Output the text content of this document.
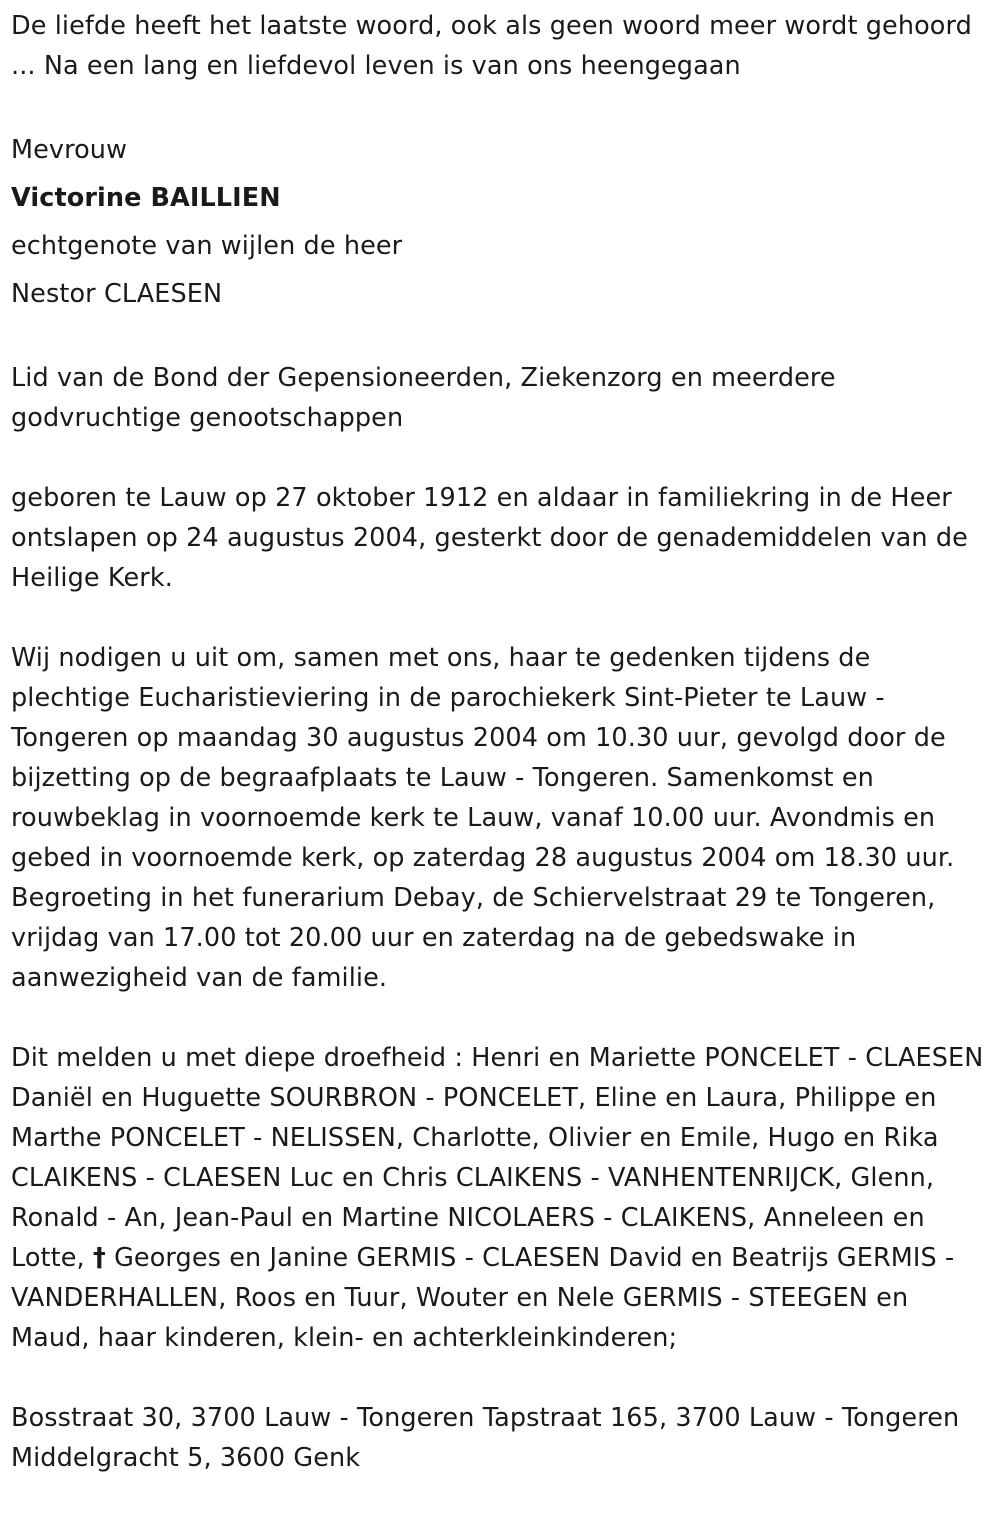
De liefde heeft het laatste woord, ook als geen woord meer wordt gehoord ... Na een lang en liefdevol leven is van ons heengegaan

Mevrouw

Victorine BAILLIEN

echtgenote van wijlen de heer

Nestor CLAESEN

Lid van de Bond der Gepensioneerden, Ziekenzorg en meerdere godvruchtige genootschappen

geboren te Lauw op 27 oktober 1912 en aldaar in familiekring in de Heer ontslapen op 24 augustus 2004, gesterkt door de genademiddelen van de Heilige Kerk.

Wij nodigen u uit om, samen met ons, haar te gedenken tijdens de plechtige Eucharistieviering in de parochiekerk Sint-Pieter te Lauw - Tongeren op maandag 30 augustus 2004 om 10.30 uur, gevolgd door de bijzetting op de begraafplaats te Lauw - Tongeren. Samenkomst en rouwbeklag in voornoemde kerk te Lauw, vanaf 10.00 uur. Avondmis en gebed in voornoemde kerk, op zaterdag 28 augustus 2004 om 18.30 uur. Begroeting in het funerarium Debay, de Schiervelstraat 29 te Tongeren, vrijdag van 17.00 tot 20.00 uur en zaterdag na de gebedswake in aanwezigheid van de familie.

Dit melden u met diepe droefheid : Henri en Mariette PONCELET - CLAESEN Daniël en Huguette SOURBRON - PONCELET, Eline en Laura, Philippe en Marthe PONCELET - NELISSEN, Charlotte, Olivier en Emile, Hugo en Rika CLAIKENS - CLAESEN Luc en Chris CLAIKENS - VANHENTENRIJCK, Glenn, Ronald - An, Jean-Paul en Martine NICOLAERS - CLAIKENS, Anneleen en Lotte, † Georges en Janine GERMIS - CLAESEN David en Beatrijs GERMIS - VANDERHALLEN, Roos en Tuur, Wouter en Nele GERMIS - STEEGEN en Maud, haar kinderen, klein- en achterkleinkinderen;

Bosstraat 30, 3700 Lauw - Tongeren Tapstraat 165, 3700 Lauw - Tongeren Middelgracht 5, 3600 Genk
